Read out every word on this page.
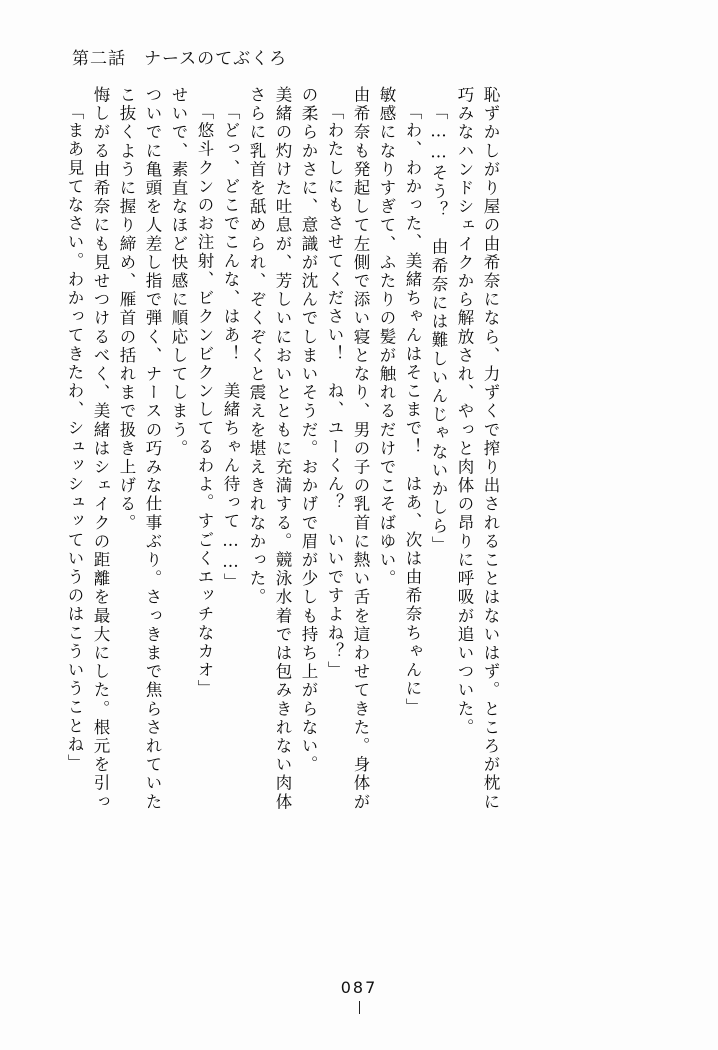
第二話 ナースのてぶくろ
「まあ見てなさい。わかってきたわ、シュッシュッていうのはこういうことね」 悔しがる由希奈にも見せつけるべく、美緒はシェイクの距離を最大にした。根元を引っ こ抜くように握り締め、雁首の括れまで扱き上げる。 ついでに亀頭を人差し指で弾く、ナースの巧みな仕事ぶり。さっきまで焦らされていた せいで、素直なほど快感に順応してしまう。 「悠斗クンのお注射、ビクンビクンしてるわよ。すごくエッチなカオ」 「どっ、どこでこんな、はあ！　美緒ちゃん待って……」 さらに乳首を舐められ、ぞくぞくと震えを堪えきれなかった。 美緒の灼けた吐息が、芳しいにおいとともに充満する。競泳水着では包みきれない肉体 の柔らかさに、意識が沈んでしまいそうだ。おかげで眉が少しも持ち上がらない。 「わたしにもさせてください！　ね、ユーくん？　いいですよね？」 由希奈も発起して左側で添い寝となり、男の子の乳首に熱い舌を這わせてきた。身体が 敏感になりすぎて、ふたりの髪が触れるだけでこそばゆい。 「わ、わかった、美緒ちゃんはそこまで！　はあ、次は由希奈ちゃんに」 「……そう？　由希奈には難しいんじゃないかしら」 巧みなハンドシェイクから解放され、やっと肉体の昂りに呼吸が追いついた。 恥ずかしがり屋の由希奈になら、力ずくで搾り出されることはないはず。ところが枕に
087
